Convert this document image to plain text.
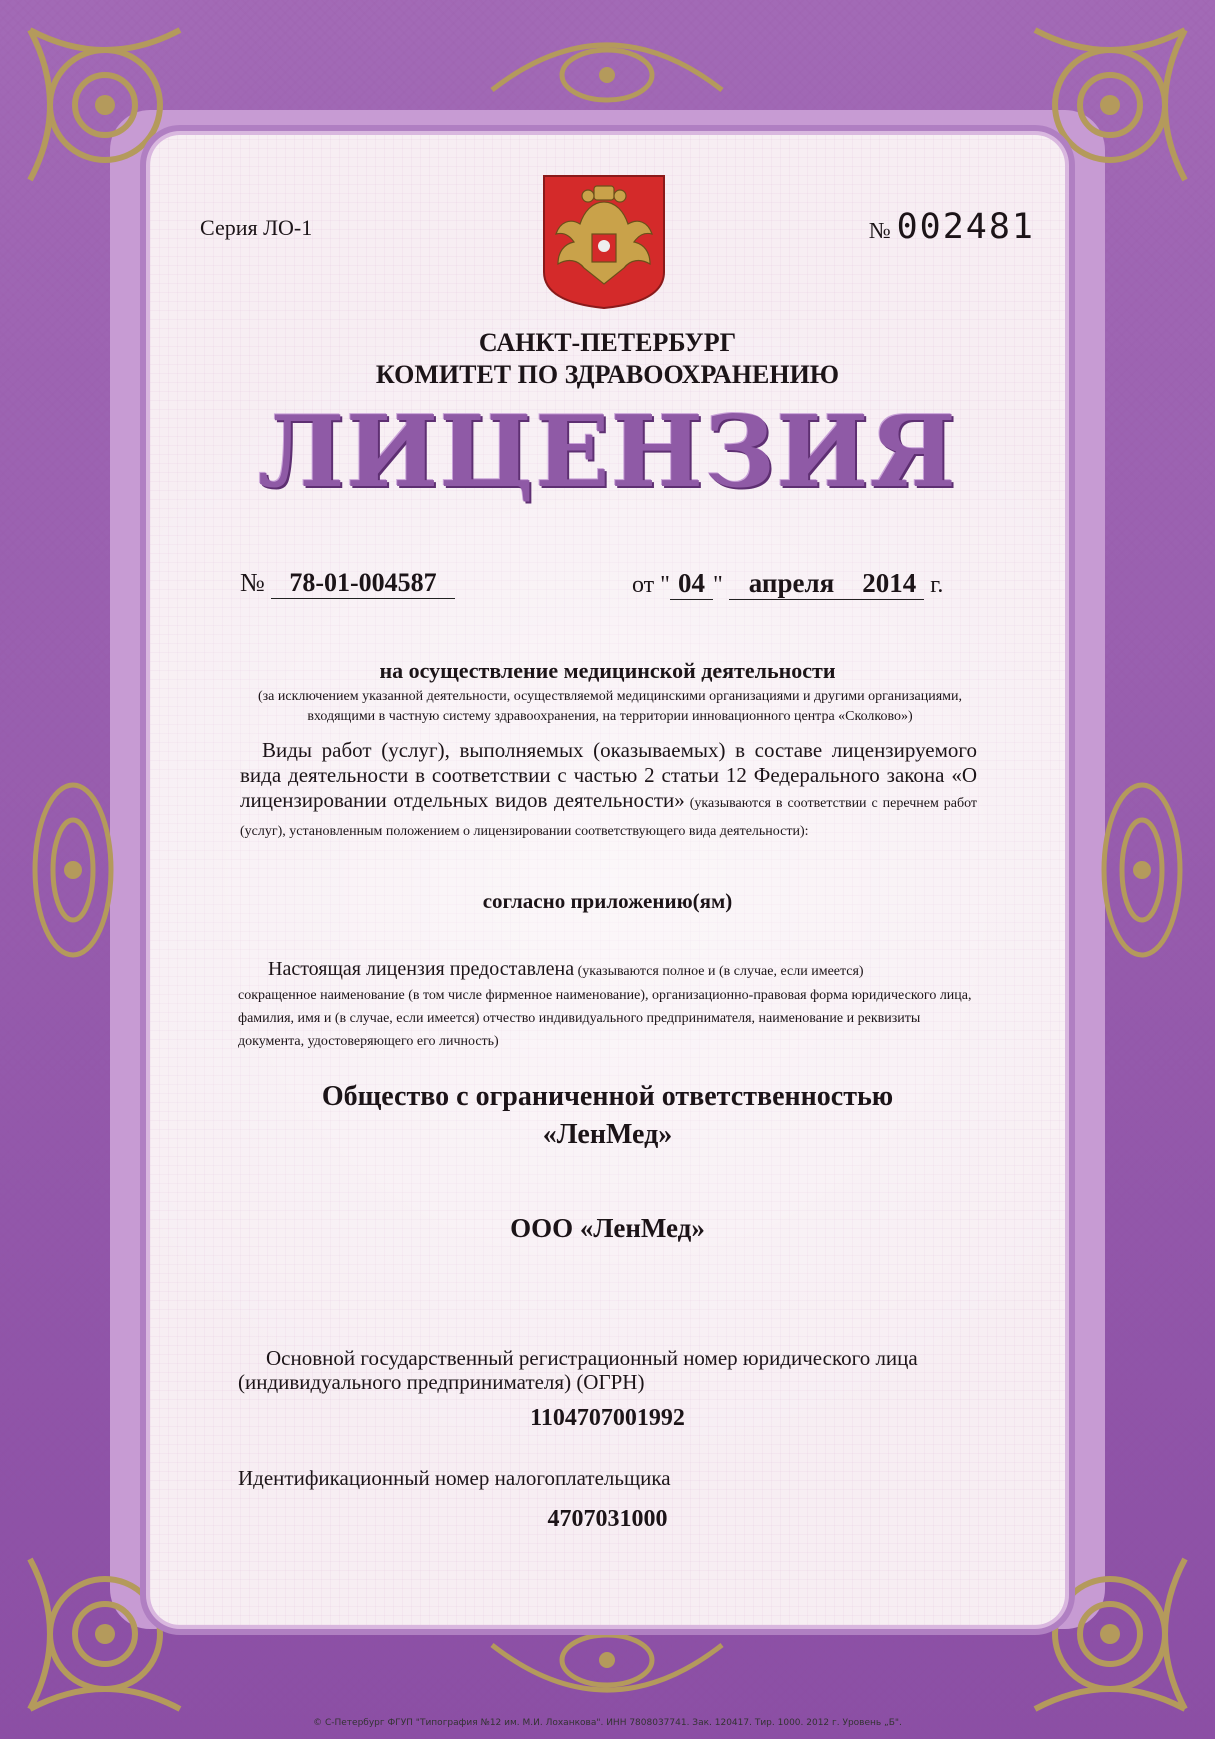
Серия ЛО-1	№ 002481
САНКТ-ПЕТЕРБУРГ
КОМИТЕТ ПО ЗДРАВООХРАНЕНИЮ
ЛИЦЕНЗИЯ
№ 78-01-004587	от " 04 " апреля 2014 г.
на осуществление медицинской деятельности
(за исключением указанной деятельности, осуществляемой медицинскими организациями и другими организациями, входящими в частную систему здравоохранения, на территории инновационного центра «Сколково»)
Виды работ (услуг), выполняемых (оказываемых) в составе лицензируемого вида деятельности в соответствии с частью 2 статьи 12 Федерального закона «О лицензировании отдельных видов деятельности» (указываются в соответствии с перечнем работ (услуг), установленным положением о лицензировании соответствующего вида деятельности):
согласно приложению(ям)
Настоящая лицензия предоставлена (указываются полное и (в случае, если имеется)
сокращенное наименование (в том числе фирменное наименование), организационно-правовая форма юридического лица, фамилия, имя и (в случае, если имеется) отчество индивидуального предпринимателя, наименование и реквизиты документа, удостоверяющего его личность)
Общество с ограниченной ответственностью
«ЛенМед»
ООО «ЛенМед»
Основной государственный регистрационный номер юридического лица (индивидуального предпринимателя) (ОГРН)
1104707001992
Идентификационный номер налогоплательщика
4707031000
© С-Петербург ФГУП "Типография №12 им. М.И. Лоханкова". ИНН 7808037741. Зак. 120417. Тир. 1000. 2012 г. Уровень „Б".
